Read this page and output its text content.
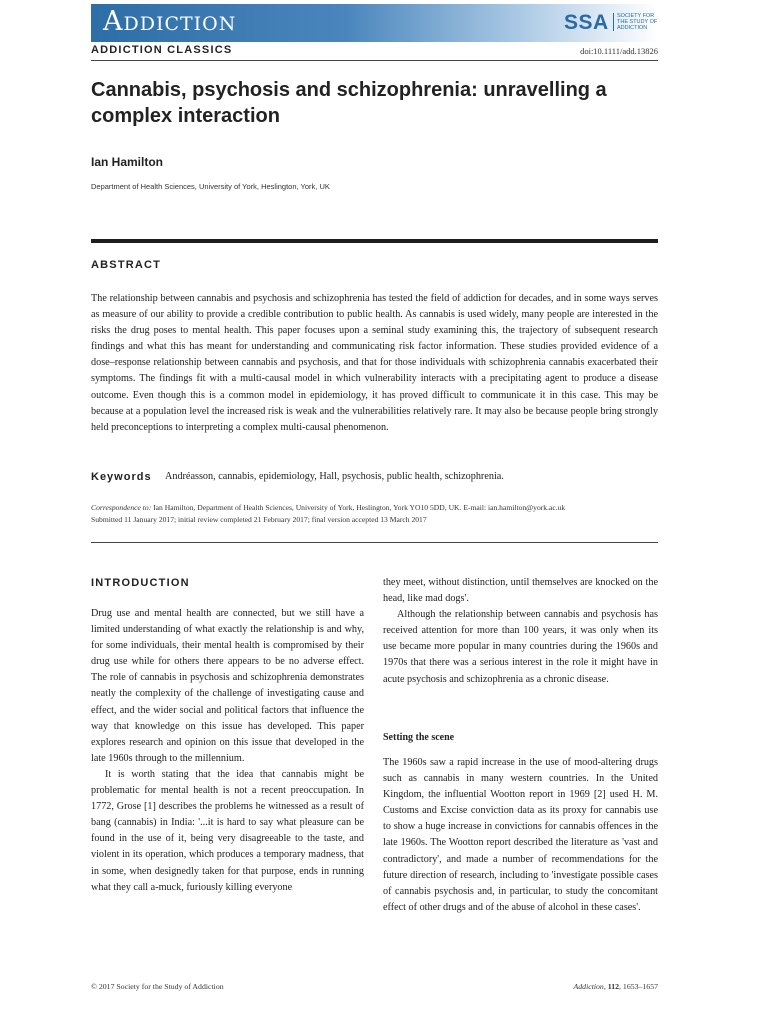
Addiction	SSA	SOCIETY FOR THE STUDY OF ADDICTION
ADDICTION CLASSICS	doi:10.1111/add.13826
Cannabis, psychosis and schizophrenia: unravelling a complex interaction
Ian Hamilton
Department of Health Sciences, University of York, Heslington, York, UK
ABSTRACT
The relationship between cannabis and psychosis and schizophrenia has tested the field of addiction for decades, and in some ways serves as measure of our ability to provide a credible contribution to public health. As cannabis is used widely, many people are interested in the risks the drug poses to mental health. This paper focuses upon a seminal study examining this, the trajectory of subsequent research findings and what this has meant for understanding and communicating risk factor information. These studies provided evidence of a dose–response relationship between cannabis and psychosis, and that for those individuals with schizophrenia cannabis exacerbated their symptoms. The findings fit with a multi-causal model in which vulnerability interacts with a precipitating agent to produce a disease outcome. Even though this is a common model in epidemiology, it has proved difficult to communicate it in this case. This may be because at a population level the increased risk is weak and the vulnerabilities relatively rare. It may also be because people bring strongly held preconceptions to interpreting a complex multi-causal phenomenon.
Keywords Andréasson, cannabis, epidemiology, Hall, psychosis, public health, schizophrenia.
Correspondence to: Ian Hamilton, Department of Health Sciences, University of York, Heslington, York YO10 5DD, UK. E-mail: ian.hamilton@york.ac.uk
Submitted 11 January 2017; initial review completed 21 February 2017; final version accepted 13 March 2017
INTRODUCTION

Drug use and mental health are connected, but we still have a limited understanding of what exactly the relationship is and why, for some individuals, their mental health is compromised by their drug use while for others there appears to be no adverse effect. The role of cannabis in psychosis and schizophrenia demonstrates neatly the complexity of the challenge of investigating cause and effect, and the wider social and political factors that influence the way that knowledge on this issue has developed. This paper explores research and opinion on this issue that developed in the late 1960s through to the millennium.

It is worth stating that the idea that cannabis might be problematic for mental health is not a recent preoccupation. In 1772, Grose [1] describes the problems he witnessed as a result of bang (cannabis) in India: '...it is hard to say what pleasure can be found in the use of it, being very disagreeable to the taste, and violent in its operation, which produces a temporary madness, that in some, when designedly taken for that purpose, ends in running what they call a-muck, furiously killing everyone

they meet, without distinction, until themselves are knocked on the head, like mad dogs'.

Although the relationship between cannabis and psychosis has received attention for more than 100 years, it was only when its use became more popular in many countries during the 1960s and 1970s that there was a serious interest in the role it might have in acute psychosis and schizophrenia as a chronic disease.

Setting the scene

The 1960s saw a rapid increase in the use of mood-altering drugs such as cannabis in many western countries. In the United Kingdom, the influential Wootton report in 1969 [2] used H. M. Customs and Excise conviction data as its proxy for cannabis use to show a huge increase in convictions for cannabis offences in the late 1960s. The Wootton report described the literature as 'vast and contradictory', and made a number of recommendations for the future direction of research, including to 'investigate possible cases of cannabis psychosis and, in particular, to study the concomitant effect of other drugs and of the abuse of alcohol in these cases'.

© 2017 Society for the Study of Addiction	Addiction, 112, 1653–1657
